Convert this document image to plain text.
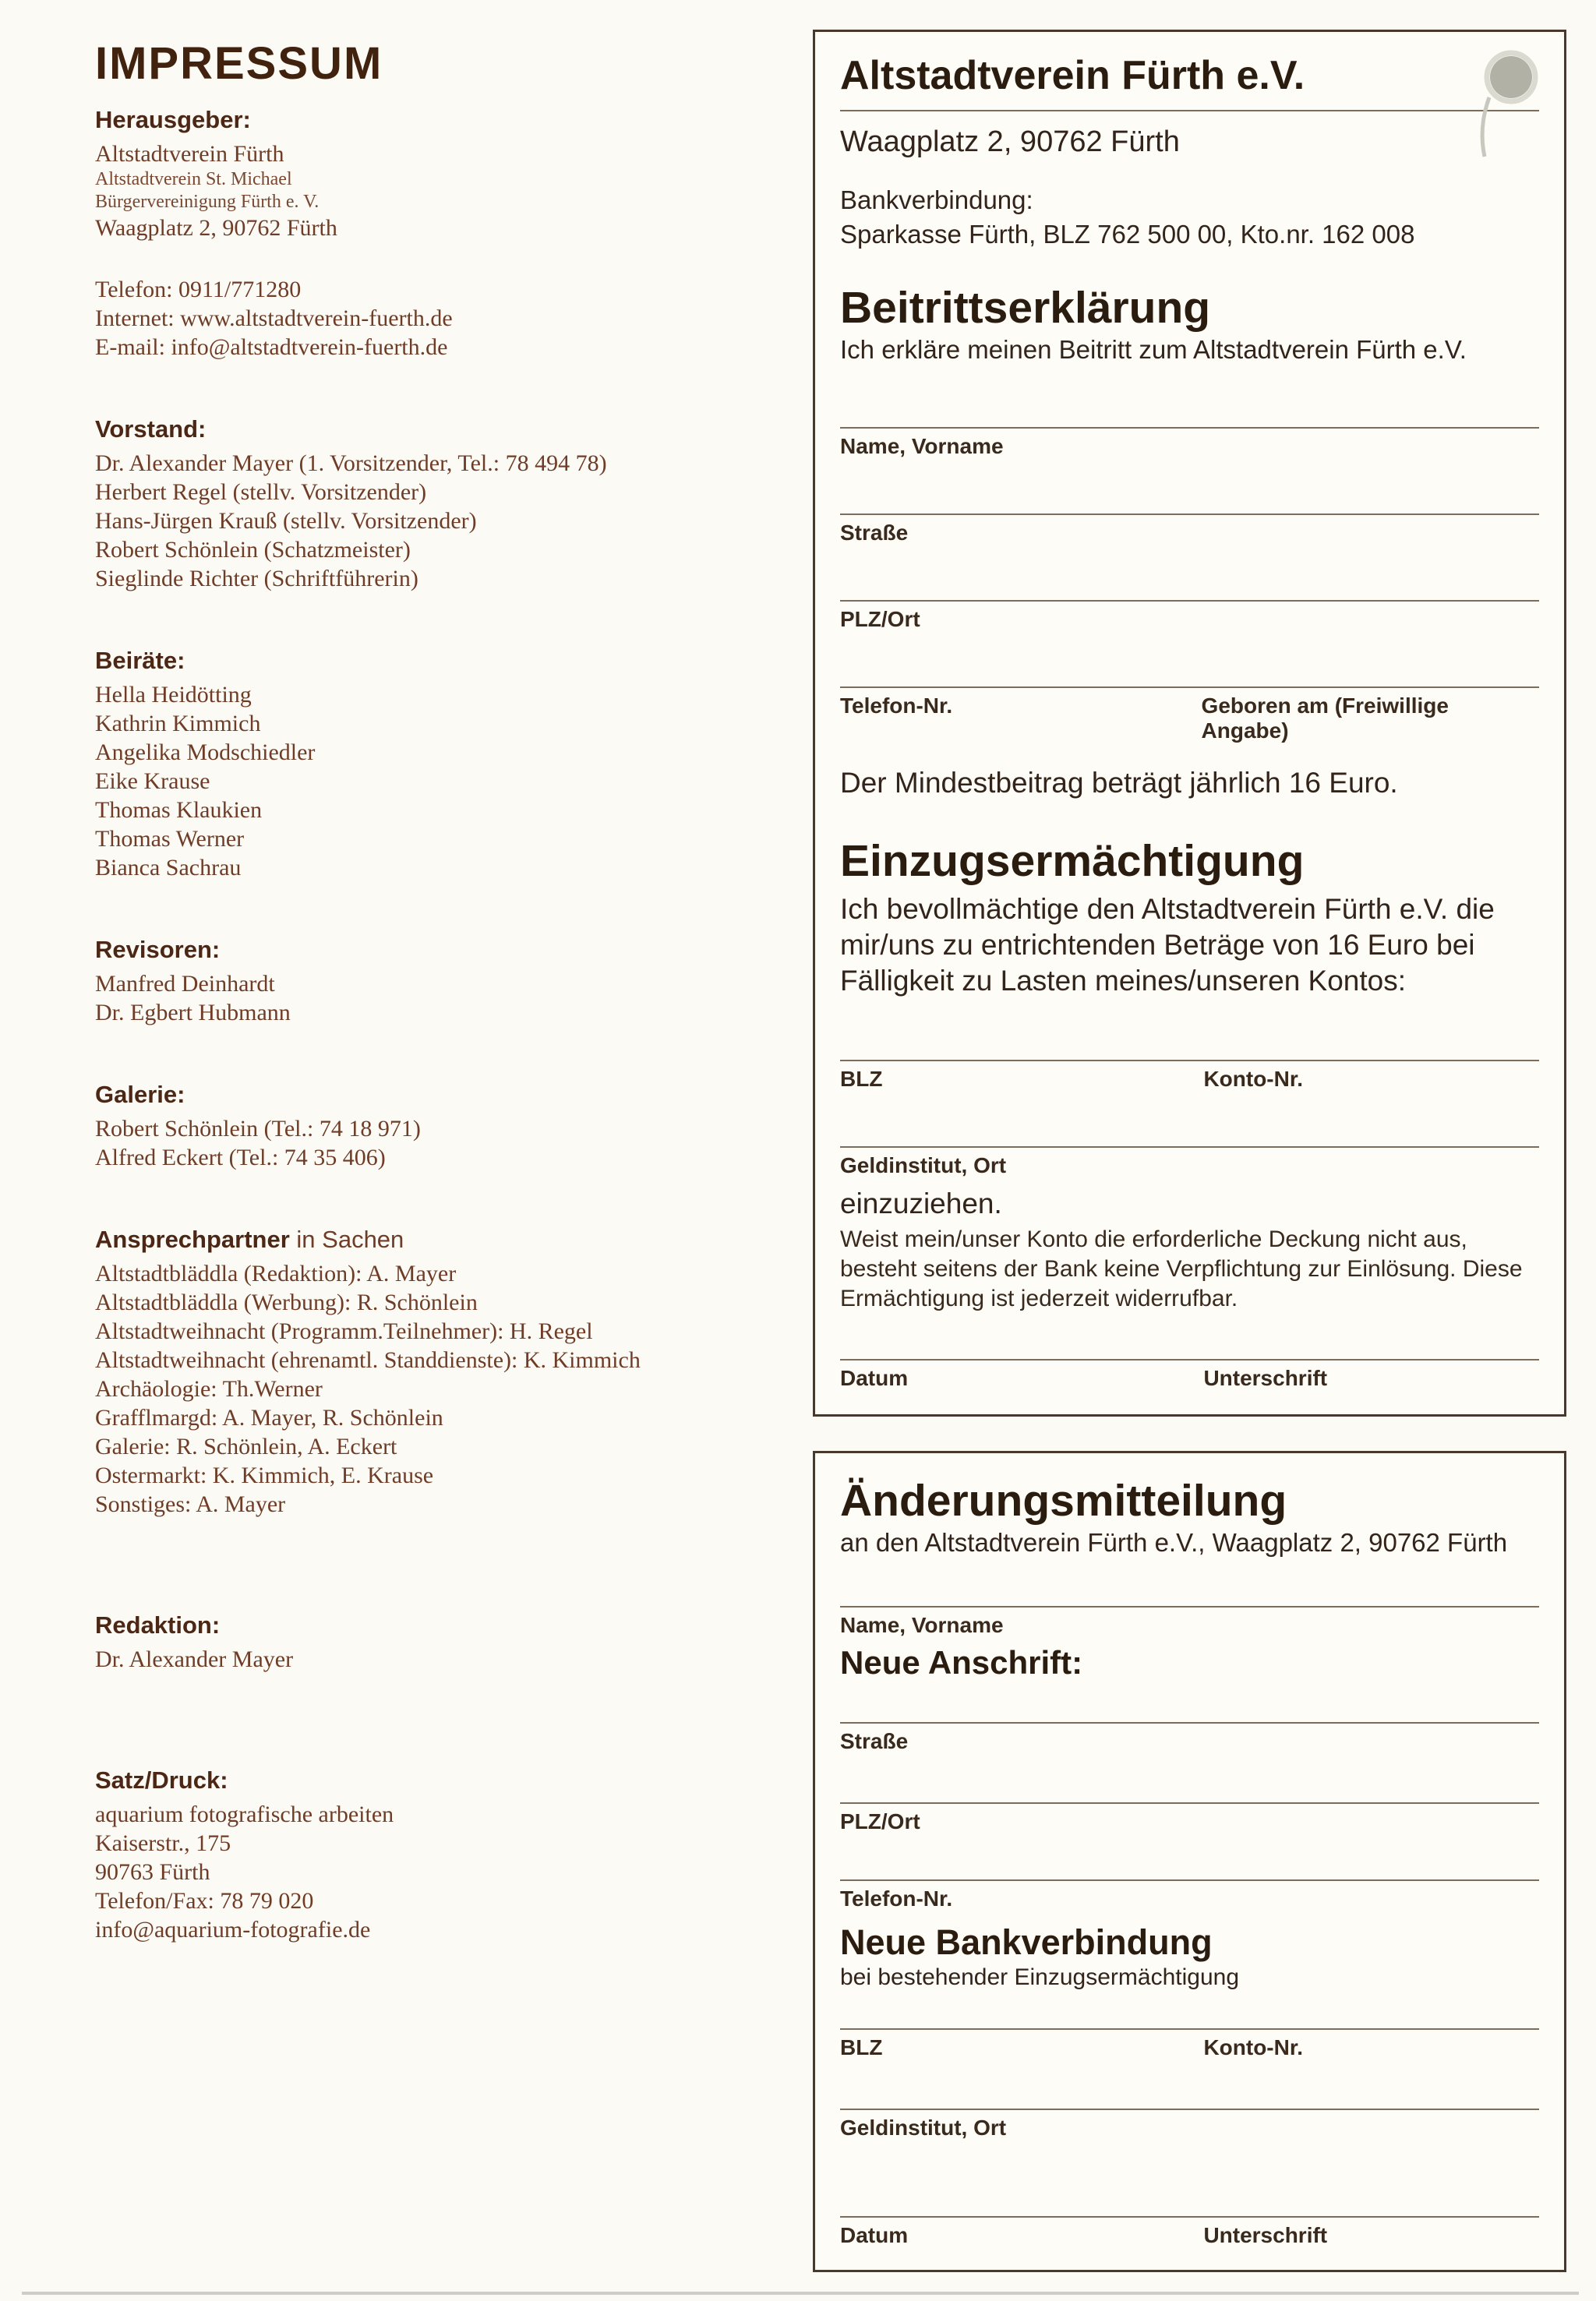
IMPRESSUM
Herausgeber:
Altstadtverein Fürth
Altstadtverein St. Michael
Bürgervereinigung Fürth e. V.
Waagplatz 2, 90762 Fürth
Telefon: 0911/771280
Internet: www.altstadtverein-fuerth.de
E-mail: info@altstadtverein-fuerth.de
Vorstand:
Dr. Alexander Mayer (1. Vorsitzender, Tel.: 78 494 78)
Herbert Regel (stellv. Vorsitzender)
Hans-Jürgen Krauß (stellv. Vorsitzender)
Robert Schönlein (Schatzmeister)
Sieglinde Richter (Schriftführerin)
Beiräte:
Hella Heidötting
Kathrin Kimmich
Angelika Modschiedler
Eike Krause
Thomas Klaukien
Thomas Werner
Bianca Sachrau
Revisoren:
Manfred Deinhardt
Dr. Egbert Hubmann
Galerie:
Robert Schönlein (Tel.: 74 18 971)
Alfred Eckert (Tel.: 74 35 406)
Ansprechpartner in Sachen
Altstadtbläddla (Redaktion): A. Mayer
Altstadtbläddla (Werbung): R. Schönlein
Altstadtweihnacht (Programm.Teilnehmer): H. Regel
Altstadtweihnacht (ehrenamtl. Standdienste): K. Kimmich
Archäologie: Th.Werner
Grafflmargd: A. Mayer, R. Schönlein
Galerie: R. Schönlein, A. Eckert
Ostermarkt: K. Kimmich, E. Krause
Sonstiges: A. Mayer
Redaktion:
Dr. Alexander Mayer
Satz/Druck:
aquarium fotografische arbeiten
Kaiserstr., 175
90763 Fürth
Telefon/Fax: 78 79 020
info@aquarium-fotografie.de
Altstadtverein Fürth e.V.
Waagplatz 2, 90762 Fürth
Bankverbindung:
Sparkasse Fürth, BLZ 762 500 00, Kto.nr. 162 008
Beitrittserklärung
Ich erkläre meinen Beitritt zum Altstadtverein Fürth e.V.
Name, Vorname
Straße
PLZ/Ort
Telefon-Nr.	Geboren am (Freiwillige Angabe)
Der Mindestbeitrag beträgt jährlich 16 Euro.
Einzugsermächtigung
Ich bevollmächtige den Altstadtverein Fürth e.V. die mir/uns zu entrichtenden Beträge von 16 Euro bei Fälligkeit zu Lasten meines/unseren Kontos:
BLZ	Konto-Nr.
Geldinstitut, Ort
einzuziehen.
Weist mein/unser Konto die erforderliche Deckung nicht aus, besteht seitens der Bank keine Verpflichtung zur Einlösung. Diese Ermächtigung ist jederzeit widerrufbar.
Datum	Unterschrift
Änderungsmitteilung
an den Altstadtverein Fürth e.V., Waagplatz 2, 90762 Fürth
Name, Vorname
Neue Anschrift:
Straße
PLZ/Ort
Telefon-Nr.
Neue Bankverbindung
bei bestehender Einzugsermächtigung
BLZ	Konto-Nr.
Geldinstitut, Ort
Datum	Unterschrift
